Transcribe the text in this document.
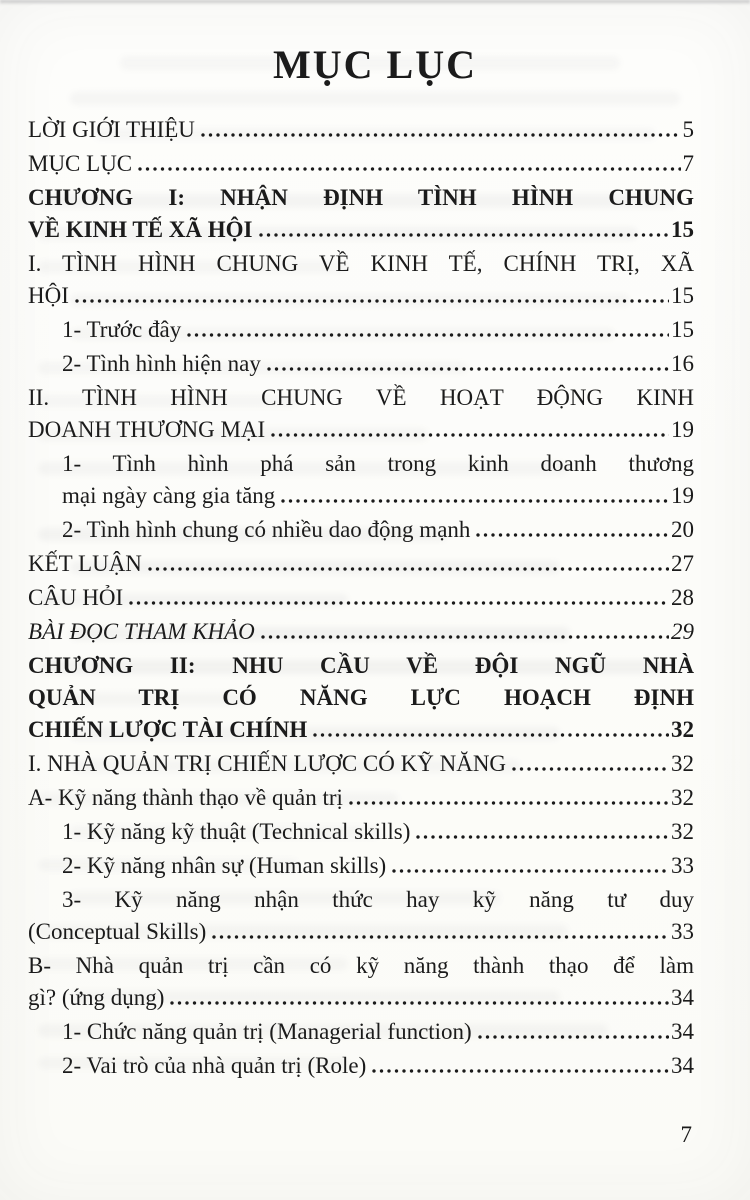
MỤC LỤC
LỜI GIỚI THIỆU	5
MỤC LỤC	7
CHƯƠNG I: NHẬN ĐỊNH TÌNH HÌNH CHUNG
VỀ KINH TẾ XÃ HỘI	15
I. TÌNH HÌNH CHUNG VỀ KINH TẾ, CHÍNH TRỊ, XÃ
HỘI	15
1- Trước đây	15
2- Tình hình hiện nay	16
II. TÌNH HÌNH CHUNG VỀ HOẠT ĐỘNG KINH
DOANH THƯƠNG MẠI	19
1- Tình hình phá sản trong kinh doanh thương
mại ngày càng gia tăng	19
2- Tình hình chung có nhiều dao động mạnh	20
KẾT LUẬN	27
CÂU HỎI	28
BÀI ĐỌC THAM KHẢO	29
CHƯƠNG II: NHU CẦU VỀ ĐỘI NGŨ NHÀ
QUẢN TRỊ CÓ NĂNG LỰC HOẠCH ĐỊNH
CHIẾN LƯỢC TÀI CHÍNH	32
I. NHÀ QUẢN TRỊ CHIẾN LƯỢC CÓ KỸ NĂNG	32
A- Kỹ năng thành thạo về quản trị	32
1- Kỹ năng kỹ thuật (Technical skills)	32
2- Kỹ năng nhân sự (Human skills)	33
3- Kỹ năng nhận thức hay kỹ năng tư duy
(Conceptual Skills)	33
B- Nhà quản trị cần có kỹ năng thành thạo để làm
gì? (ứng dụng)	34
1- Chức năng quản trị (Managerial function)	34
2- Vai trò của nhà quản trị (Role)	34
7
